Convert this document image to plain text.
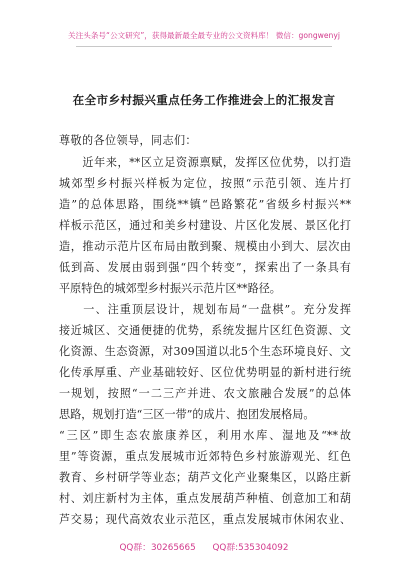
关注头条号“公文研究”，获得最新最全最专业的公文资料库！ 微信：gongwenyj
在全市乡村振兴重点任务工作推进会上的汇报发言
尊敬的各位领导，同志们：
　　近年来，**区立足资源禀赋，发挥区位优势，以打造
城郊型乡村振兴样板为定位，按照“示范引领、连片打
造”的总体思路，围绕**镇“邑路繁花”省级乡村振兴**
样板示范区，通过和美乡村建设、片区化发展、景区化打
造，推动示范片区布局由散到聚、规模由小到大、层次由
低到高、发展由弱到强“四个转变”，探索出了一条具有
平原特色的城郊型乡村振兴示范片区**路径。
　　一、注重顶层设计，规划布局“一盘棋”。充分发挥
接近城区、交通便捷的优势，系统发掘片区红色资源、文
化资源、生态资源，对309国道以北5个生态环境良好、文
化传承厚重、产业基础较好、区位优势明显的新村进行统
一规划，按照“一二三产并进、农文旅融合发展”的总体
思路，规划打造“三区一带”的成片、抱团发展格局。
“三区”即生态农旅康养区，利用水库、湿地及“**故
里”等资源，重点发展城市近郊特色乡村旅游观光、红色
教育、乡村研学等业态；葫芦文化产业聚集区，以路庄新
村、刘庄新村为主体，重点发展葫芦种植、创意加工和葫
芦交易；现代高效农业示范区，重点发展城市休闲农业、
QQ群：30265665      QQ群:535304092
